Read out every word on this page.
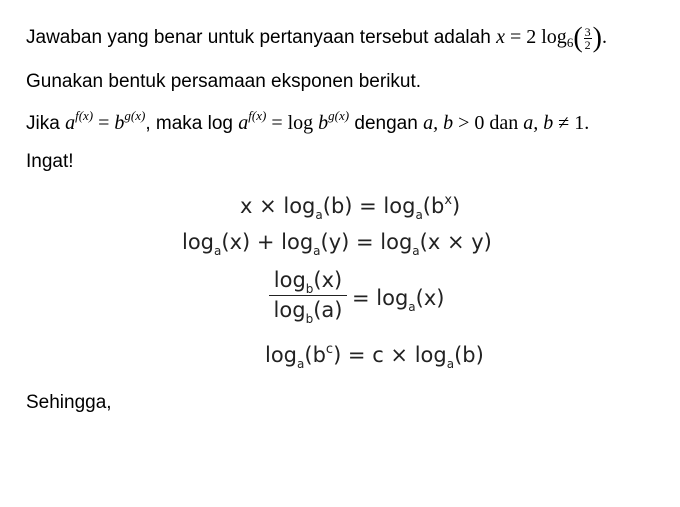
Jawaban yang benar untuk pertanyaan tersebut adalah x = 2 $\log_6( \frac{3}{2}$ ).
Gunakan bentuk persamaan eksponen berikut.
Jika $a^{f(x)} = b^{g(x)}$, maka $\log a^{f(x)} = \log b^{g(x)}$ dengan a, b > 0 dan a, b ≠ 1.
Ingat!
$x \times \log_a(b) = \log_a(b^x)$
$\log_a(x) + \log_a(y) = \log_a(x \times y)$
$\log_b(x)$
$\log_b(a) = \log_a(x)$
$\log_a(b^c) = c \times \log_a(b)$
Sehingga,
